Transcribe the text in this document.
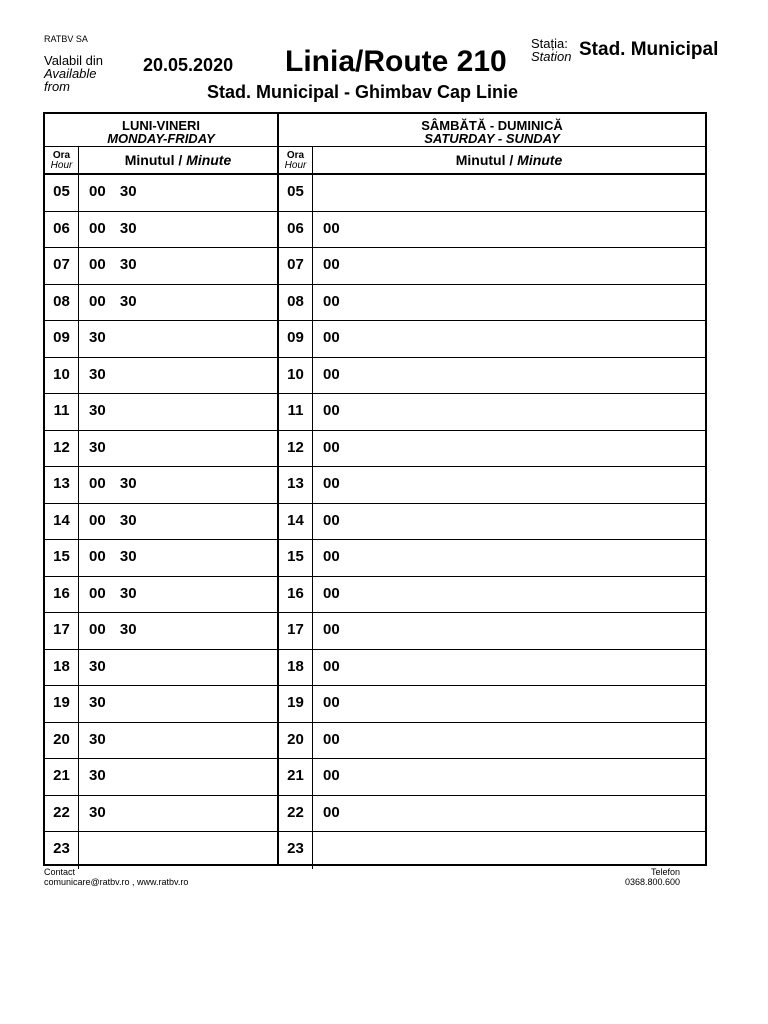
RATBV SA
Valabil din
Available
from
20.05.2020 Linia/Route 210
Stația:
Station Stad. Municipal
Stad. Municipal - Ghimbav Cap Linie
LUNI-VINERI
MONDAY-FRIDAY
Ora
Hour	Minutul / Minute
05	00 30
06	00 30
07	00 30
08	00 30
09	30
10	30
11	30
12	30
13	00 30
14	00 30
15	00 30
16	00 30
17	00 30
18	30
19	30
20	30
21	30
22	30
23
SÂMBĂTĂ - DUMINICĂ
SATURDAY - SUNDAY
Ora
Hour	Minutul / Minute
05
06	00
07	00
08	00
09	00
10	00
11	00
12	00
13	00
14	00
15	00
16	00
17	00
18	00
19	00
20	00
21	00
22	00
23
Contact
comunicare@ratbv.ro , www.ratbv.ro
Telefon
0368.800.600
